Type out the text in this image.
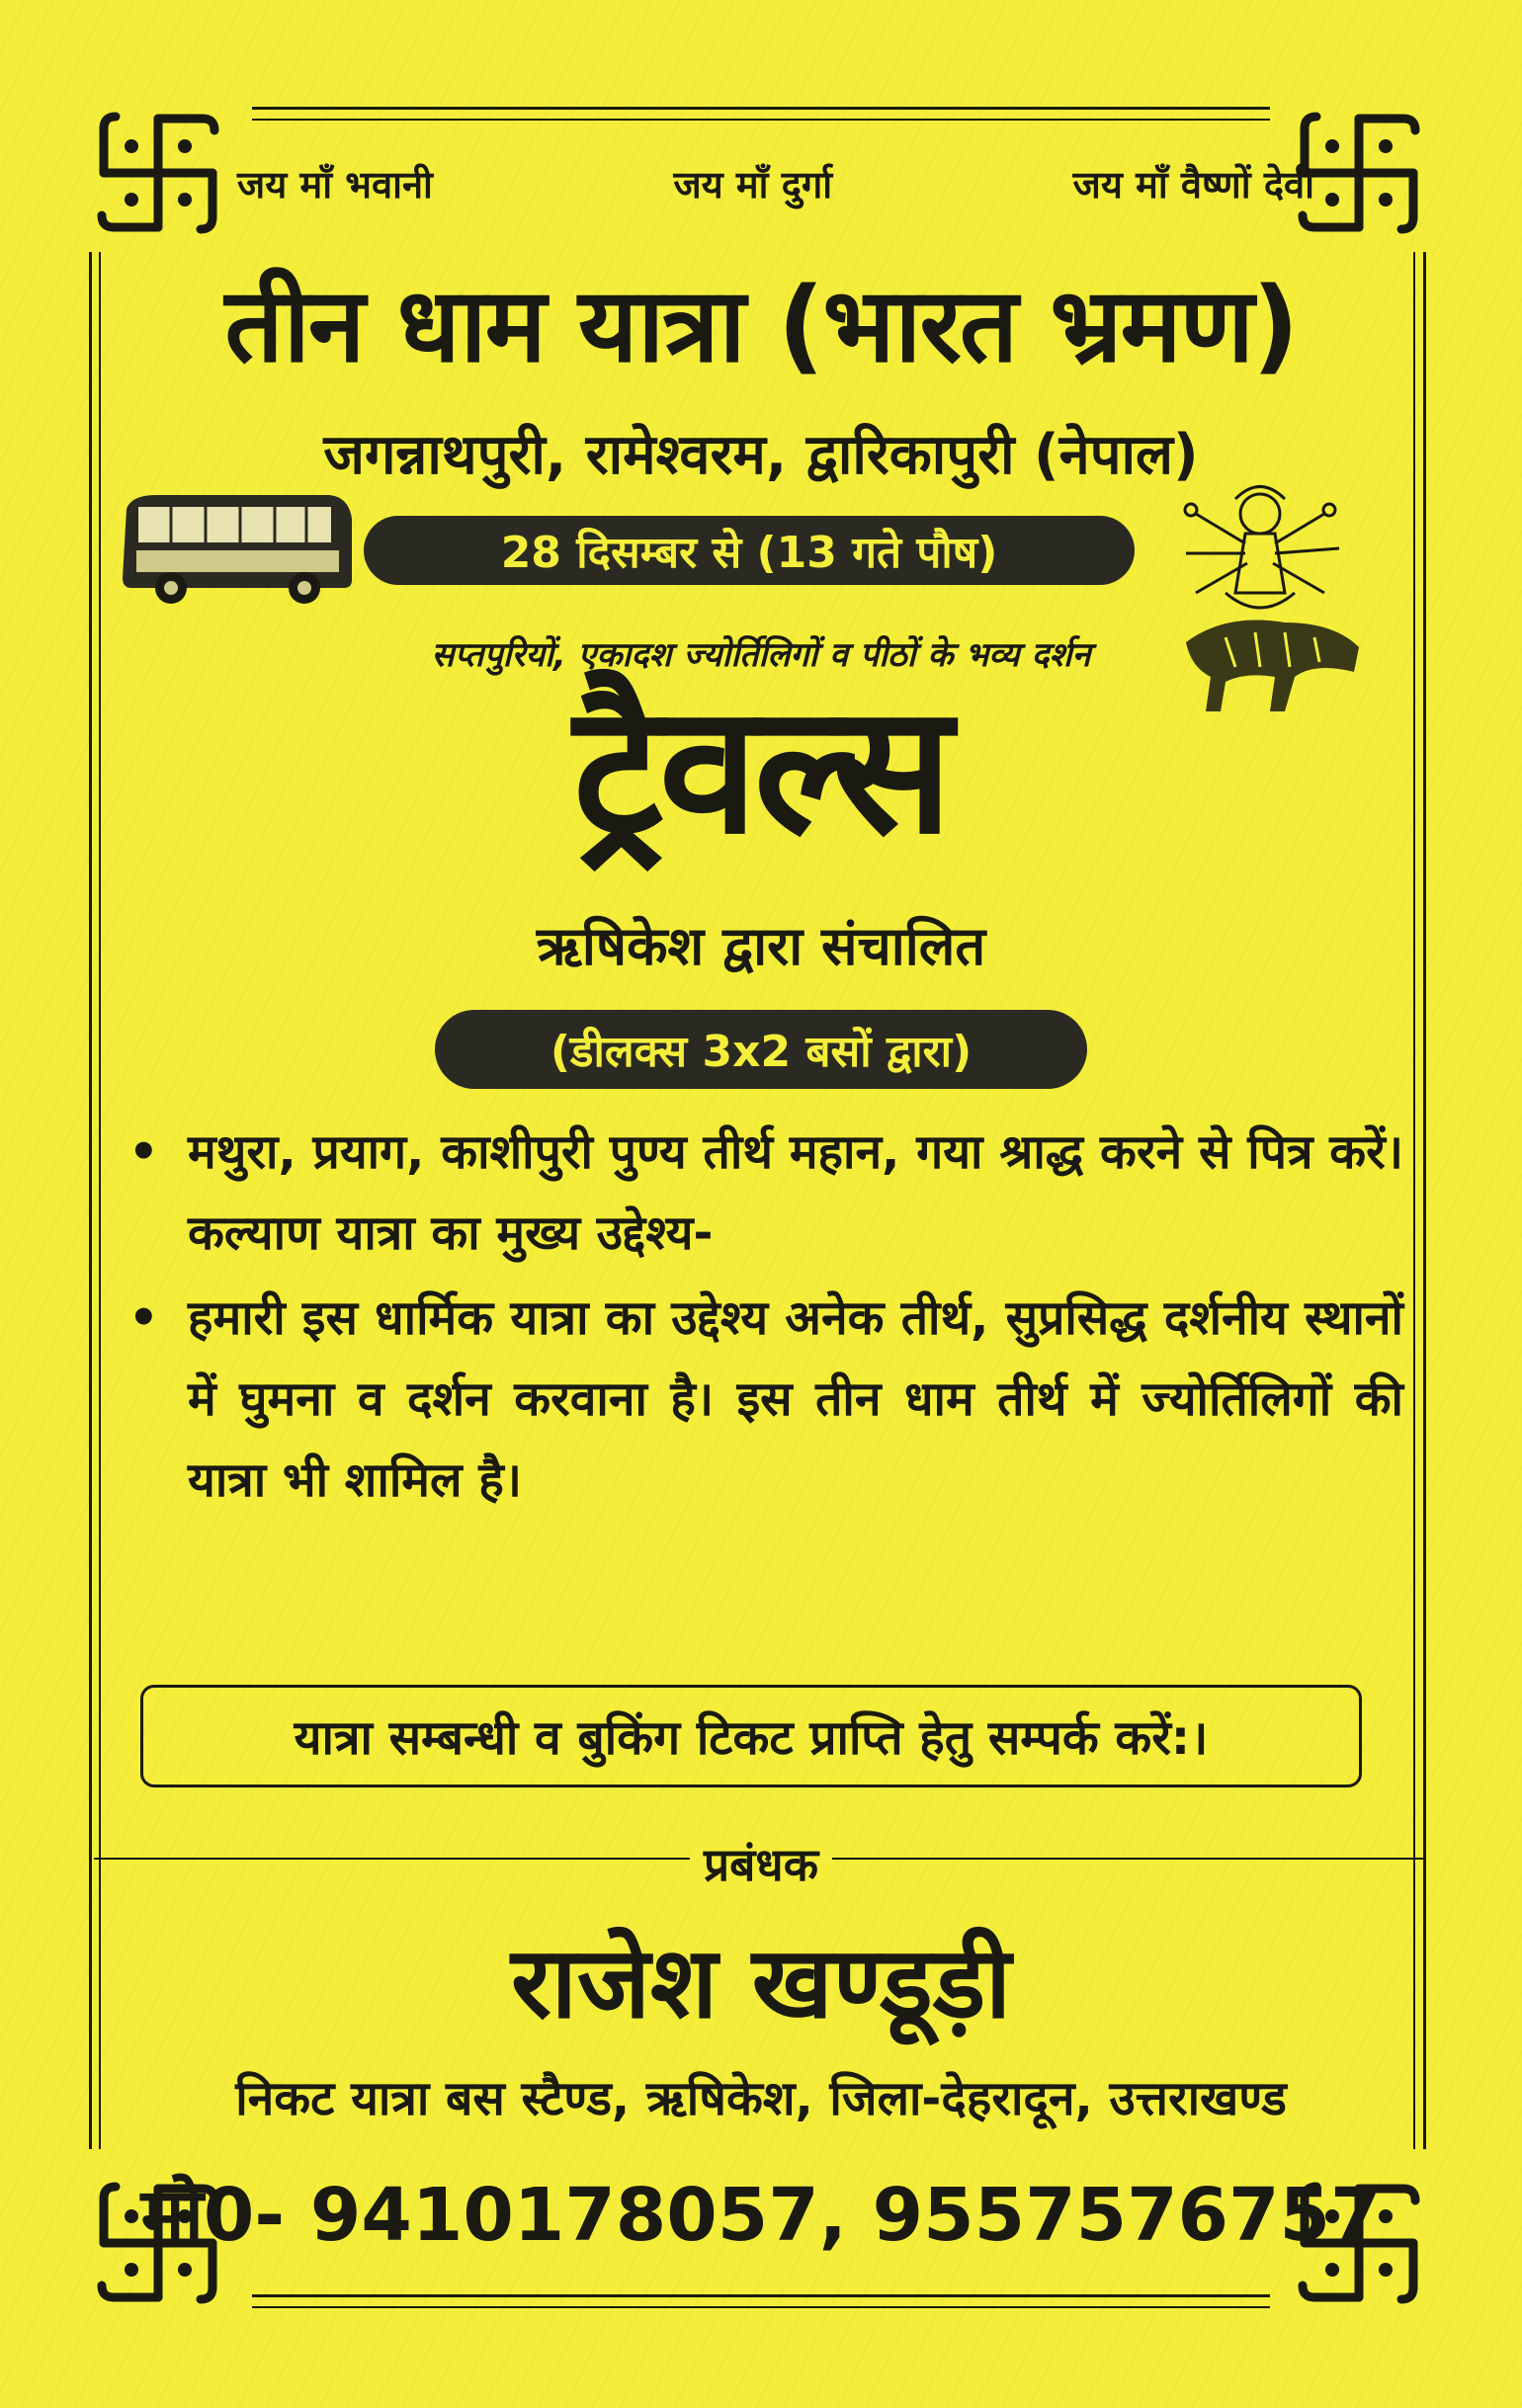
जय माँ भवानी	जय माँ दुर्गा	जय माँ वैष्णों देवी
तीन धाम यात्रा (भारत भ्रमण)
जगन्नाथपुरी, रामेश्वरम, द्वारिकापुरी (नेपाल)
28 दिसम्बर से (13 गते पौष)
सप्तपुरियों, एकादश ज्योर्तिलिगों व पीठों के भव्य दर्शन
ट्रैवल्स
ऋषिकेश द्वारा संचालित
(डीलक्स 3x2 बसों द्वारा)
• मथुरा, प्रयाग, काशीपुरी पुण्य तीर्थ महान, गया श्राद्ध करने से पित्र करें। कल्याण यात्रा का मुख्य उद्देश्य-
• हमारी इस धार्मिक यात्रा का उद्देश्य अनेक तीर्थ, सुप्रसिद्ध दर्शनीय स्थानों में घुमना व दर्शन करवाना है। इस तीन धाम तीर्थ में ज्योर्तिलिगों की यात्रा भी शामिल है।
यात्रा सम्बन्धी व बुकिंग टिकट प्राप्ति हेतु सम्पर्क करें:।
प्रबंधक
राजेश खण्डूड़ी
निकट यात्रा बस स्टैण्ड, ऋषिकेश, जिला-देहरादून, उत्तराखण्ड
मो0- 9410178057, 9557576757
